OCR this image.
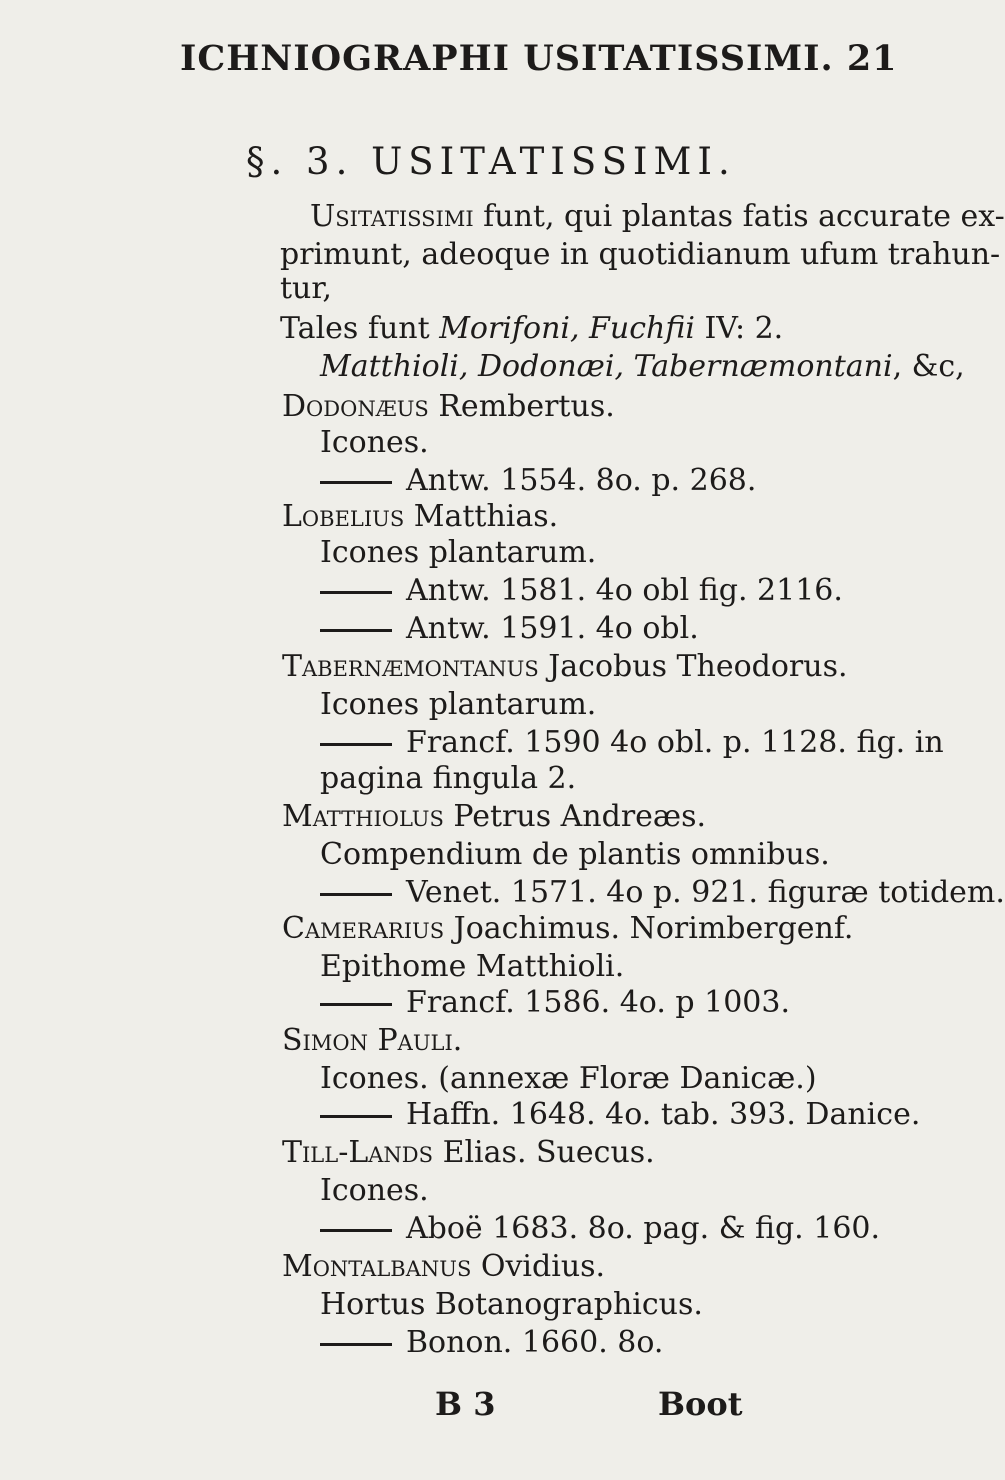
ICHNIOGRAPHI USITATISSIMI. 21
§. 3. USITATISSIMI.
Usitatissimi funt, qui plantas fatis accurate ex-
primunt, adeoque in quotidianum ufum trahun-
tur,
Tales funt Morifoni, Fuchfii IV: 2.
Matthioli, Dodonæi, Tabernæmontani, &c,
Dodonæus Rembertus.
Icones.
Antw. 1554. 8o. p. 268.
Lobelius Matthias.
Icones plantarum.
Antw. 1581. 4o obl fig. 2116.
Antw. 1591. 4o obl.
Tabernæmontanus Jacobus Theodorus.
Icones plantarum.
Francf. 1590 4o obl. p. 1128. fig. in
pagina fingula 2.
Matthiolus Petrus Andreæs.
Compendium de plantis omnibus.
Venet. 1571. 4o p. 921. figuræ totidem.
Camerarius Joachimus. Norimbergenf.
Epithome Matthioli.
Francf. 1586. 4o. p 1003.
Simon Pauli.
Icones. (annexæ Floræ Danicæ.)
Haffn. 1648. 4o. tab. 393. Danice.
Till-Lands Elias. Suecus.
Icones.
Aboë 1683. 8o. pag. & fig. 160.
Montalbanus Ovidius.
Hortus Botanographicus.
Bonon. 1660. 8o.
B 3	Boot
